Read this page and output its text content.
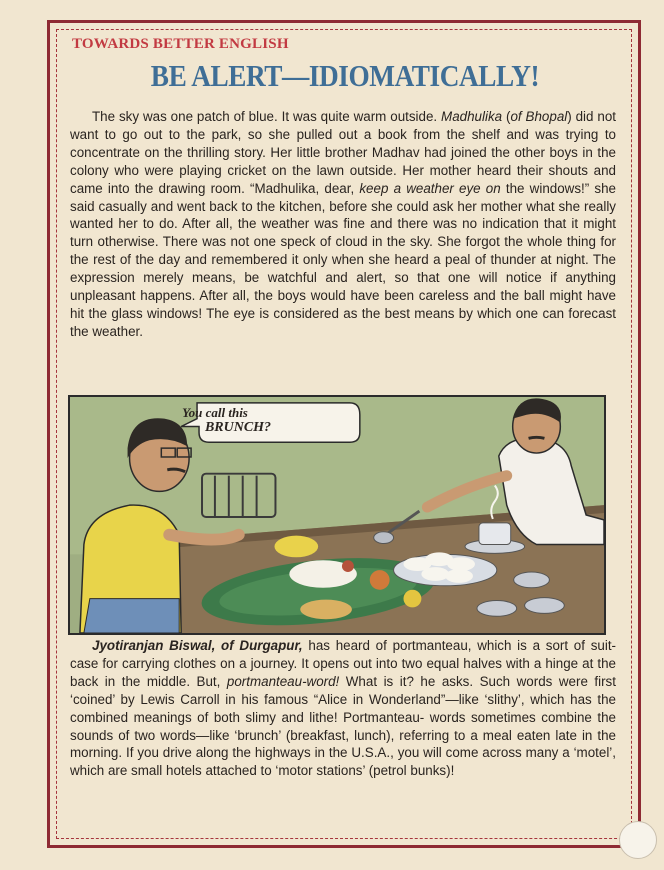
TOWARDS BETTER ENGLISH
BE ALERT—IDIOMATICALLY!

The sky was one patch of blue. It was quite warm outside. Madhulika (of Bhopal) did not want to go out to the park, so she pulled out a book from the shelf and was trying to concentrate on the thrilling story. Her little brother Madhav had joined the other boys in the colony who were playing cricket on the lawn outside. Her mother heard their shouts and came into the drawing room. “Madhulika, dear, keep a weather eye on the windows!” she said casually and went back to the kitchen, before she could ask her mother what she really wanted her to do. After all, the weather was fine and there was no indication that it might turn otherwise. There was not one speck of cloud in the sky. She forgot the whole thing for the rest of the day and remembered it only when she heard a peal of thunder at night. The expression merely means, be watchful and alert, so that one will notice if anything unpleasant happens. After all, the boys would have been careless and the ball might have hit the glass windows! The eye is considered as the best means by which one can forecast the weather.

You call this
BRUNCH?

Jyotiranjan Biswal, of Durgapur, has heard of portmanteau, which is a sort of suit-case for carrying clothes on a journey. It opens out into two equal halves with a hinge at the back in the middle. But, portmanteau-word! What is it? he asks. Such words were first ‘coined’ by Lewis Carroll in his famous “Alice in Wonderland”—like ‘slithy’, which has the combined meanings of both slimy and lithe! Portmanteau- words sometimes combine the sounds of two words—like ‘brunch’ (breakfast, lunch), referring to a meal eaten late in the morning. If you drive along the highways in the U.S.A., you will come across many a ‘motel’, which are small hotels attached to ‘motor stations’ (petrol bunks)!
